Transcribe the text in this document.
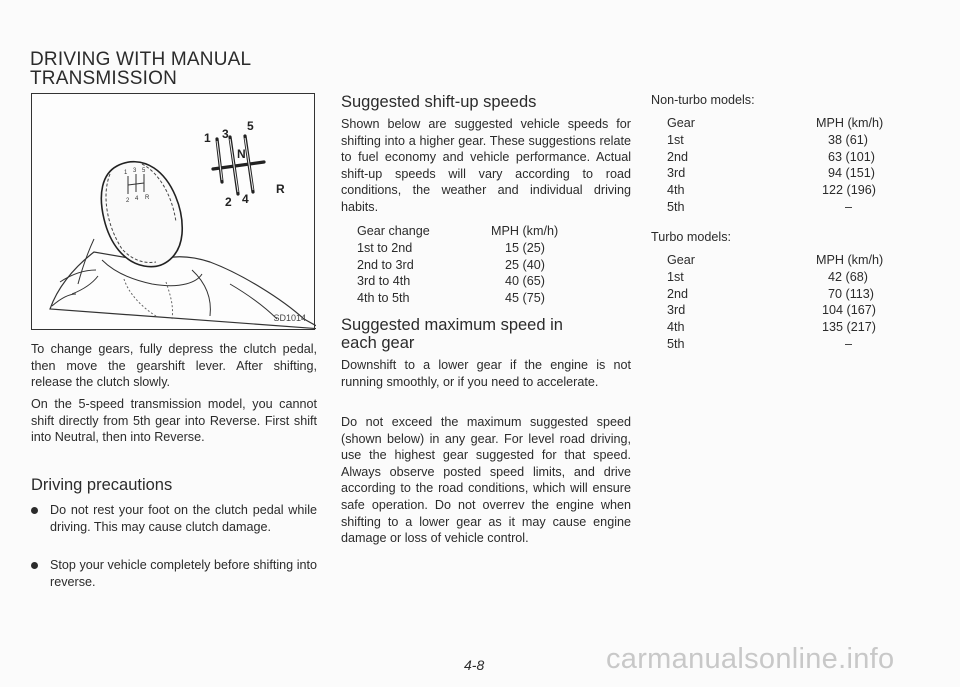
DRIVING WITH MANUAL
TRANSMISSION
1 3 5
2 4 R
1 3
5
N
2 4
R
SD1014

To change gears, fully depress the clutch pedal, then move the gearshift lever. After shifting, release the clutch slowly.

On the 5-speed transmission model, you cannot shift directly from 5th gear into Reverse. First shift into Neutral, then into Reverse.

Driving precautions

Do not rest your foot on the clutch pedal while driving. This may cause clutch damage.

Stop your vehicle completely before shifting into reverse.

Suggested shift-up speeds

Shown below are suggested vehicle speeds for shifting into a higher gear. These suggestions relate to fuel economy and vehicle performance. Actual shift-up speeds will vary according to road conditions, the weather and individual driving habits.

Gear change	MPH (km/h)
1st to 2nd	15 (25)
2nd to 3rd	25 (40)
3rd to 4th	40 (65)
4th to 5th	45 (75)
Suggested maximum speed in
each gear

Downshift to a lower gear if the engine is not running smoothly, or if you need to accelerate.

Do not exceed the maximum suggested speed (shown below) in any gear. For level road driving, use the highest gear suggested for that speed. Always observe posted speed limits, and drive according to the road conditions, which will ensure safe operation. Do not overrev the engine when shifting to a lower gear as it may cause engine damage or loss of vehicle control.

Non-turbo models:
Gear	MPH (km/h)
1st	38 (61)
2nd	63 (101)
3rd	94 (151)
4th	122 (196)
5th	–
Turbo models:
Gear	MPH (km/h)
1st	42 (68)
2nd	70 (113)
3rd	104 (167)
4th	135 (217)
5th	–
4-8	carmanualsonline.info
